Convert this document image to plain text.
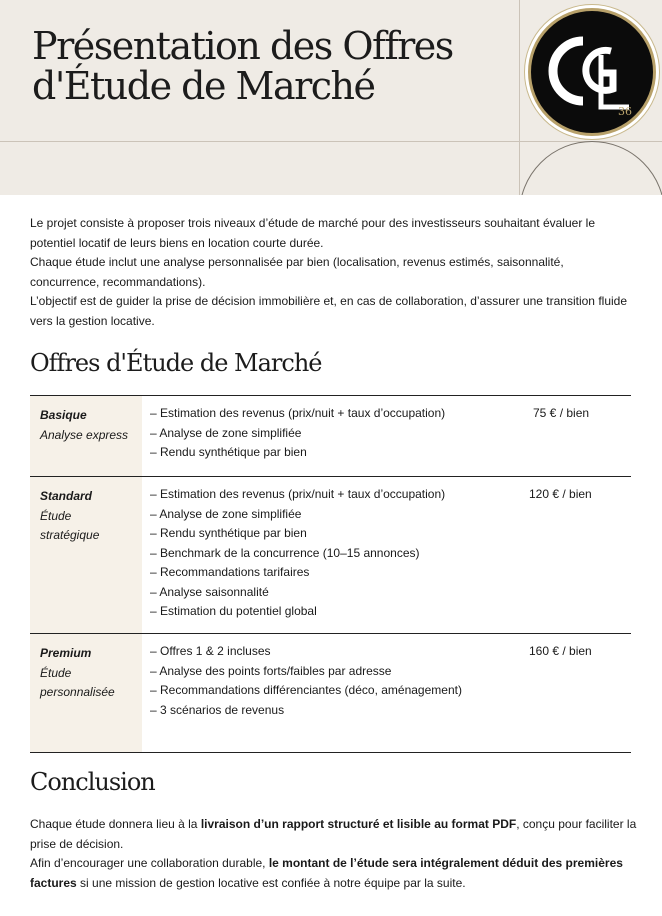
Présentation des Offres
d'Étude de Marché
36

Le projet consiste à proposer trois niveaux d’étude de marché pour des investisseurs souhaitant évaluer le potentiel locatif de leurs biens en location courte durée.

Chaque étude inclut une analyse personnalisée par bien (localisation, revenus estimés, saisonnalité, concurrence, recommandations).

L’objectif est de guider la prise de décision immobilière et, en cas de collaboration, d’assurer une transition fluide vers la gestion locative.

Offres d'Étude de Marché
Basique
Analyse express
– Estimation des revenus (prix/nuit + taux d’occupation)
– Analyse de zone simplifiée
– Rendu synthétique par bien
75 € / bien
Standard
Étude stratégique
– Estimation des revenus (prix/nuit + taux d’occupation)
– Analyse de zone simplifiée
– Rendu synthétique par bien
– Benchmark de la concurrence (10–15 annonces)
– Recommandations tarifaires
– Analyse saisonnalité
– Estimation du potentiel global
120 € / bien
Premium
Étude personnalisée
– Offres 1 & 2 incluses
– Analyse des points forts/faibles par adresse
– Recommandations différenciantes (déco, aménagement)
– 3 scénarios de revenus
160 € / bien
Conclusion

Chaque étude donnera lieu à la livraison d’un rapport structuré et lisible au format PDF, conçu pour faciliter la prise de décision.

Afin d’encourager une collaboration durable, le montant de l’étude sera intégralement déduit des premières factures si une mission de gestion locative est confiée à notre équipe par la suite.
